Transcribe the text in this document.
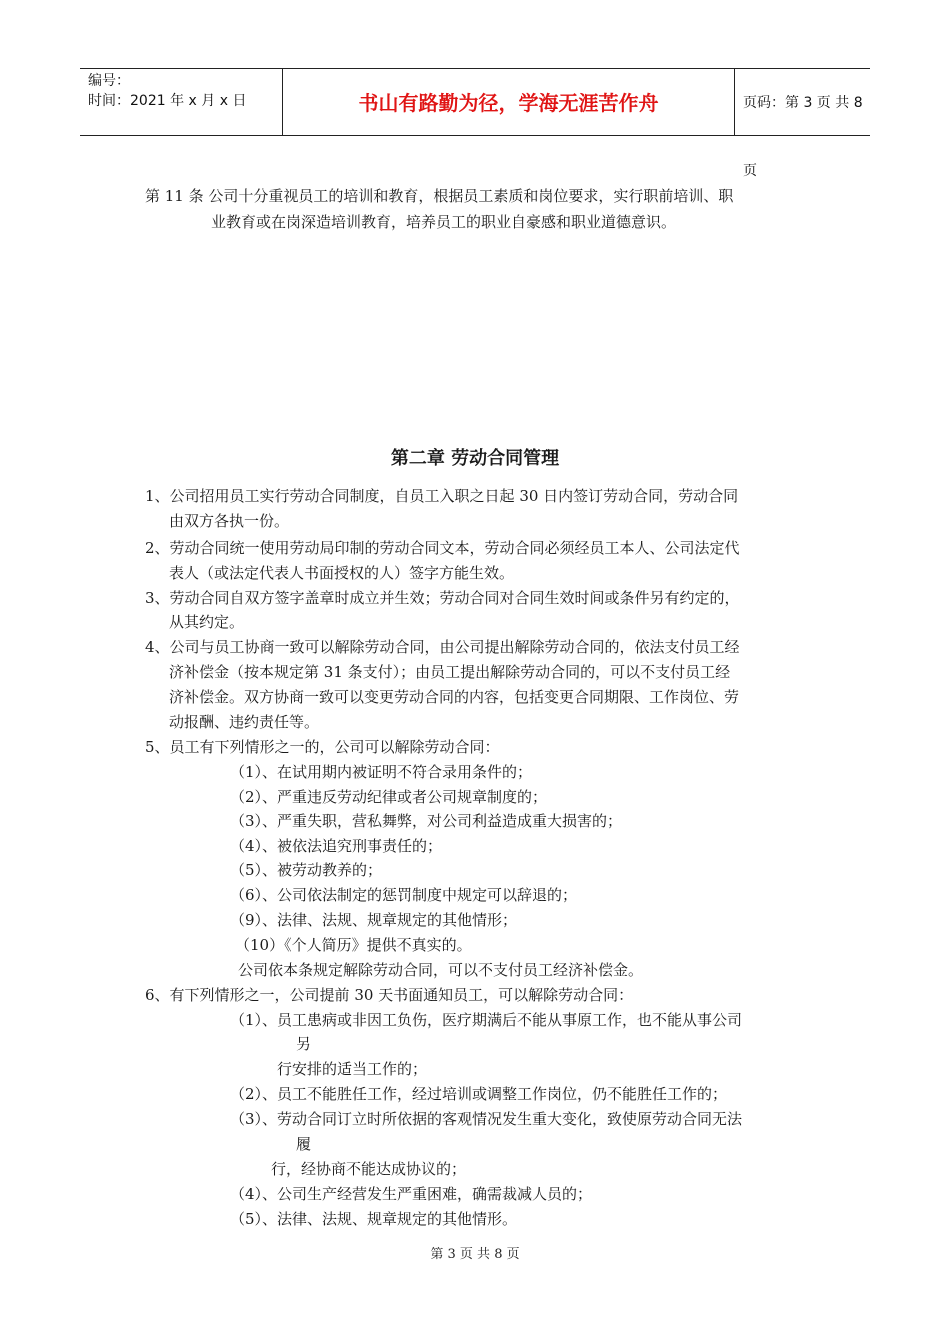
编号：
时间：2021 年 x 月 x 日	书山有路勤为径，学海无涯苦作舟	页码：第 3 页 共 8 页
第 11 条 公司十分重视员工的培训和教育，根据员工素质和岗位要求，实行职前培训、职
业教育或在岗深造培训教育，培养员工的职业自豪感和职业道德意识。
第二章 劳动合同管理
1、公司招用员工实行劳动合同制度，自员工入职之日起 30 日内签订劳动合同，劳动合同
由双方各执一份。
2、劳动合同统一使用劳动局印制的劳动合同文本，劳动合同必须经员工本人、公司法定代
表人（或法定代表人书面授权的人）签字方能生效。
3、劳动合同自双方签字盖章时成立并生效；劳动合同对合同生效时间或条件另有约定的，
从其约定。
4、公司与员工协商一致可以解除劳动合同，由公司提出解除劳动合同的，依法支付员工经
济补偿金（按本规定第 31 条支付）；由员工提出解除劳动合同的，可以不支付员工经
济补偿金。双方协商一致可以变更劳动合同的内容，包括变更合同期限、工作岗位、劳
动报酬、违约责任等。
5、员工有下列情形之一的，公司可以解除劳动合同：
（1）、在试用期内被证明不符合录用条件的；
（2）、严重违反劳动纪律或者公司规章制度的；
（3）、严重失职，营私舞弊，对公司利益造成重大损害的；
（4）、被依法追究刑事责任的；
（5）、被劳动教养的；
（6）、公司依法制定的惩罚制度中规定可以辞退的；
（9）、法律、法规、规章规定的其他情形；
（10）《个人简历》提供不真实的。
公司依本条规定解除劳动合同，可以不支付员工经济补偿金。
6、有下列情形之一，公司提前 30 天书面通知员工，可以解除劳动合同：
（1）、员工患病或非因工负伤，医疗期满后不能从事原工作，也不能从事公司
另
行安排的适当工作的；
（2）、员工不能胜任工作，经过培训或调整工作岗位，仍不能胜任工作的；
（3）、劳动合同订立时所依据的客观情况发生重大变化，致使原劳动合同无法
履
行，经协商不能达成协议的；
（4）、公司生产经营发生严重困难，确需裁减人员的；
（5）、法律、法规、规章规定的其他情形。
第 3 页 共 8 页
